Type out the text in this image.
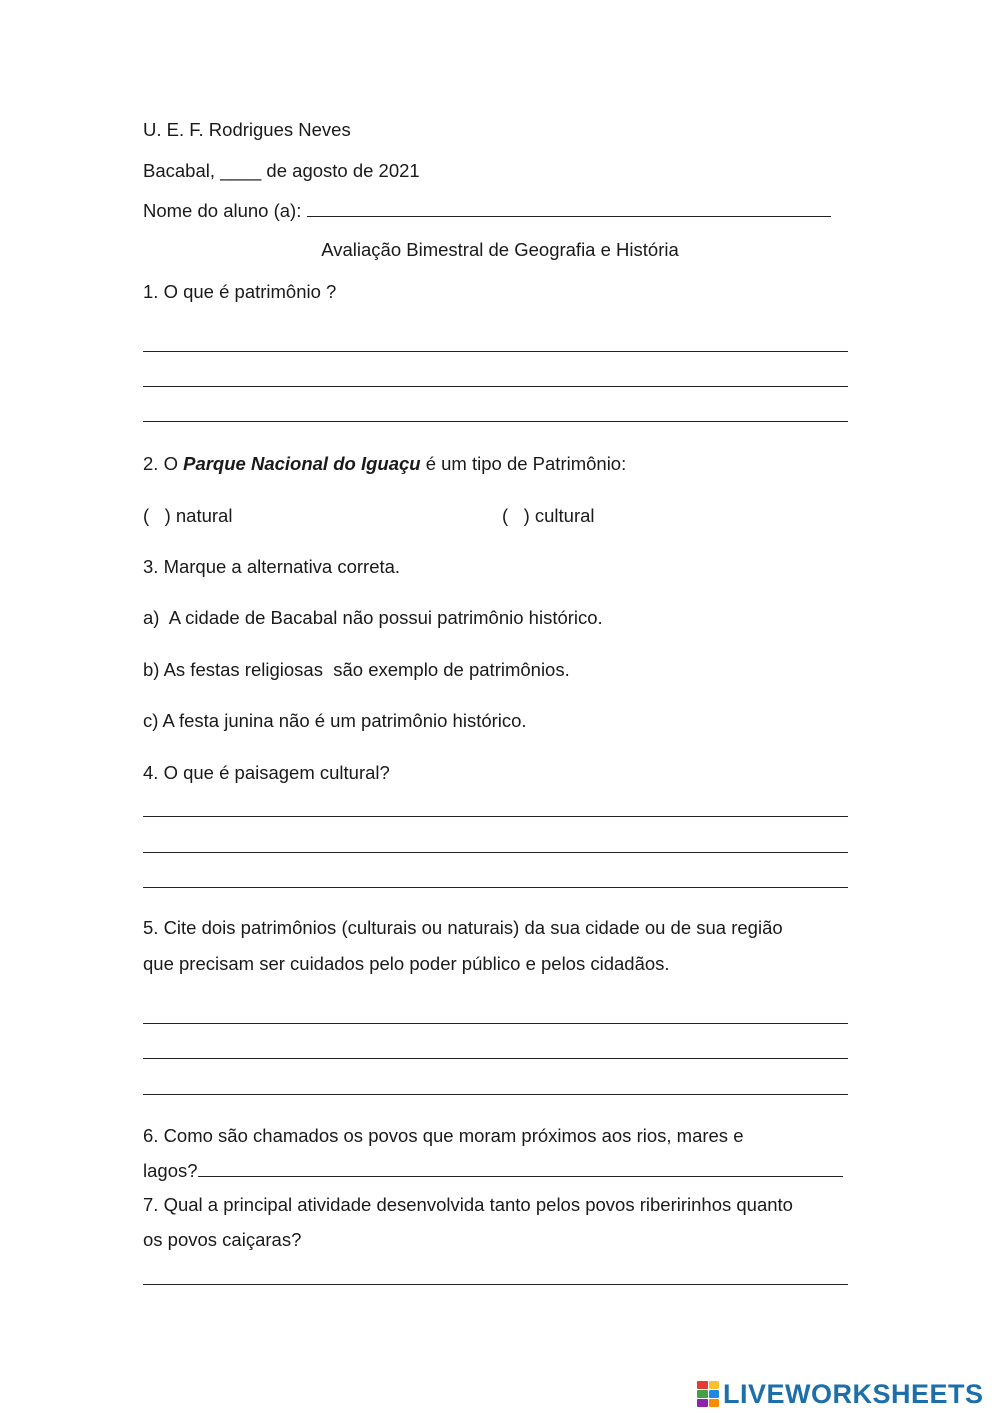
U. E. F. Rodrigues Neves
Bacabal, ____ de agosto de 2021
Nome do aluno (a):
Avaliação Bimestral de Geografia e História
1. O que é patrimônio ?
2. O Parque Nacional do Iguaçu é um tipo de Patrimônio:
(   ) natural	(   ) cultural
3. Marque a alternativa correta.
a)  A cidade de Bacabal não possui patrimônio histórico.
b) As festas religiosas  são exemplo de patrimônios.
c) A festa junina não é um patrimônio histórico.
4. O que é paisagem cultural?
5. Cite dois patrimônios (culturais ou naturais) da sua cidade ou de sua região
que precisam ser cuidados pelo poder público e pelos cidadãos.
6. Como são chamados os povos que moram próximos aos rios, mares e
lagos?
7. Qual a principal atividade desenvolvida tanto pelos povos riberirinhos quanto
os povos caiçaras?
LIVEWORKSHEETS
